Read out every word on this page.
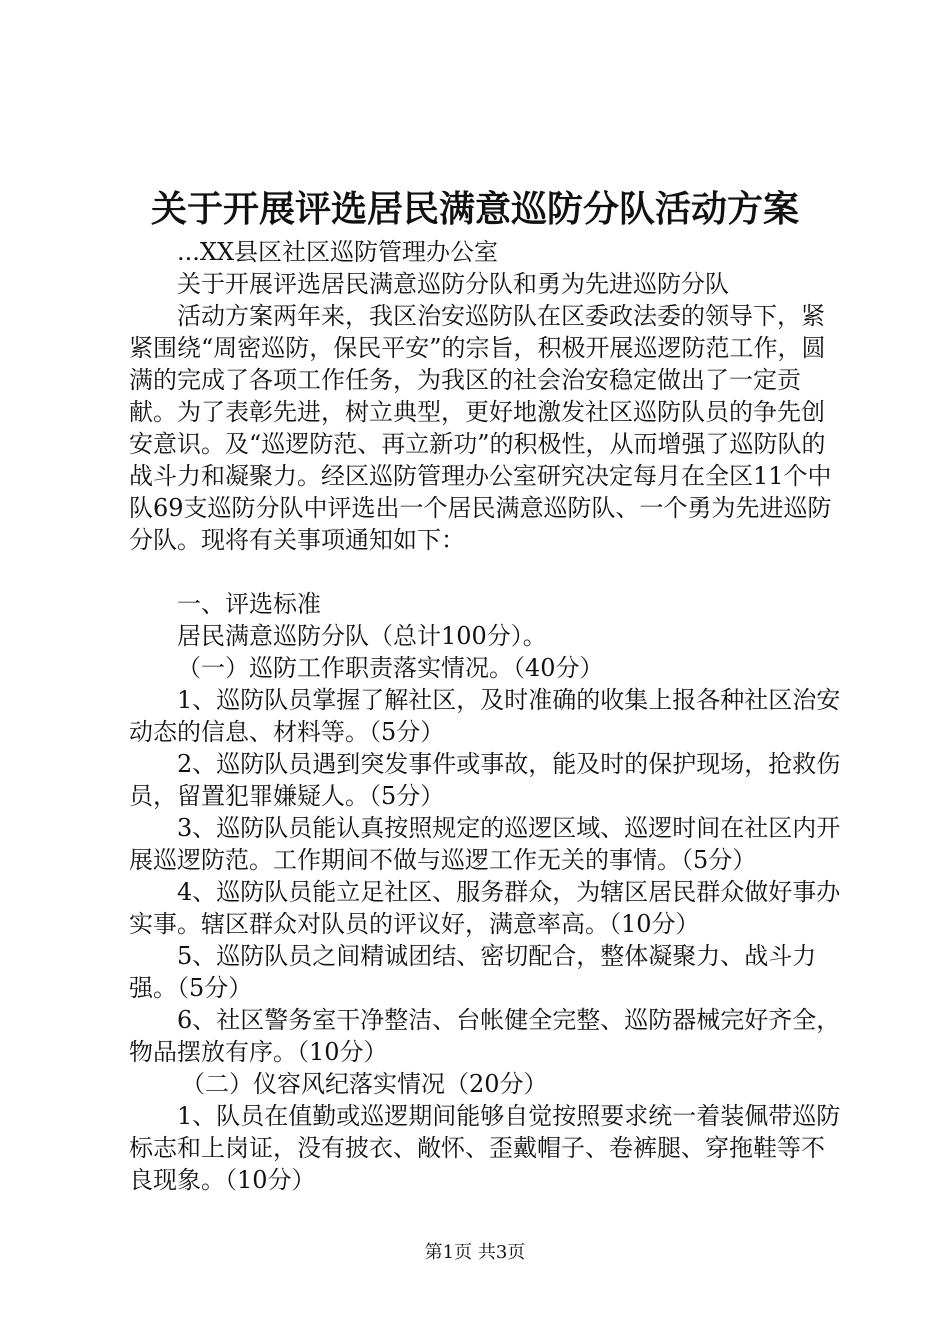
关于开展评选居民满意巡防分队活动方案

...XX县区社区巡防管理办公室

关于开展评选居民满意巡防分队和勇为先进巡防分队

活动方案两年来，我区治安巡防队在区委政法委的领导下，紧紧围绕“周密巡防，保民平安”的宗旨，积极开展巡逻防范工作，圆满的完成了各项工作任务，为我区的社会治安稳定做出了一定贡献。为了表彰先进，树立典型，更好地激发社区巡防队员的争先创安意识。及“巡逻防范、再立新功”的积极性，从而增强了巡防队的战斗力和凝聚力。经区巡防管理办公室研究决定每月在全区11个中队69支巡防分队中评选出一个居民满意巡防队、一个勇为先进巡防分队。现将有关事项通知如下：

一、评选标准

居民满意巡防分队（总计100分）。

（一）巡防工作职责落实情况。（40分）

1、巡防队员掌握了解社区，及时准确的收集上报各种社区治安动态的信息、材料等。（5分）

2、巡防队员遇到突发事件或事故，能及时的保护现场，抢救伤员，留置犯罪嫌疑人。（5分）

3、巡防队员能认真按照规定的巡逻区域、巡逻时间在社区内开展巡逻防范。工作期间不做与巡逻工作无关的事情。（5分）

4、巡防队员能立足社区、服务群众，为辖区居民群众做好事办实事。辖区群众对队员的评议好，满意率高。（10分）

5、巡防队员之间精诚团结、密切配合，整体凝聚力、战斗力强。（5分）

6、社区警务室干净整洁、台帐健全完整、巡防器械完好齐全，物品摆放有序。（10分）

（二）仪容风纪落实情况（20分）

1、队员在值勤或巡逻期间能够自觉按照要求统一着装佩带巡防标志和上岗证，没有披衣、敞怀、歪戴帽子、卷裤腿、穿拖鞋等不良现象。（10分）

第1页 共3页
